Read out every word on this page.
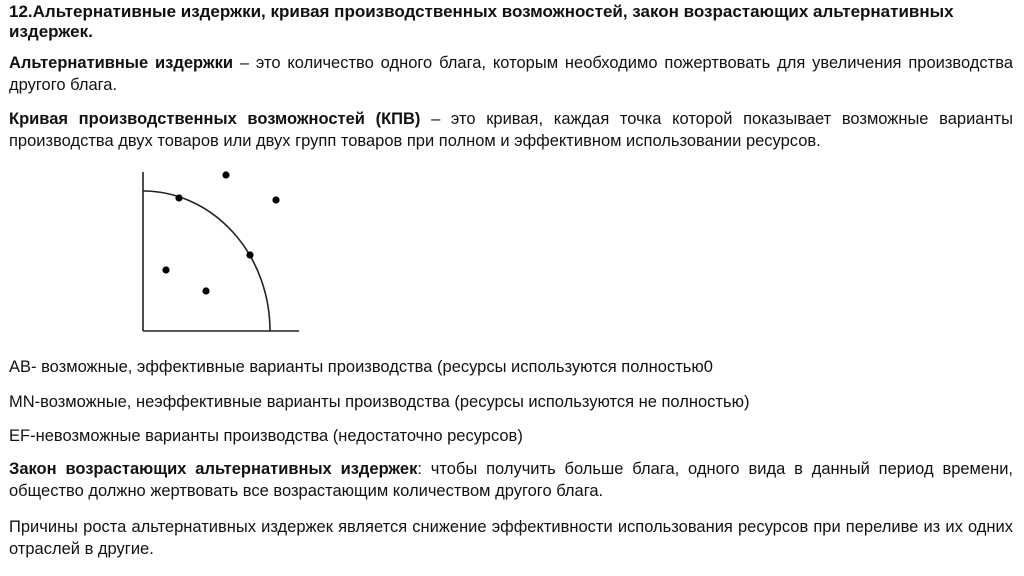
12.Альтернативные издержки, кривая производственных возможностей, закон возрастающих альтернативных издержек.
Альтернативные издержки – это количество одного блага, которым необходимо пожертвовать для увеличения производства другого блага.
Кривая производственных возможностей (КПВ) – это кривая, каждая точка которой показывает возможные варианты производства двух товаров или двух групп товаров при полном и эффективном использовании ресурсов.
АВ- возможные, эффективные варианты производства (ресурсы используются полностью0
MN-возможные, неэффективные варианты производства (ресурсы используются не полностью)
EF-невозможные варианты производства (недостаточно ресурсов)
Закон возрастающих альтернативных издержек: чтобы получить больше блага, одного вида в данный период времени, общество должно жертвовать все возрастающим количеством другого блага.
Причины роста альтернативных издержек является снижение эффективности использования ресурсов при переливе из их одних отраслей в другие.
